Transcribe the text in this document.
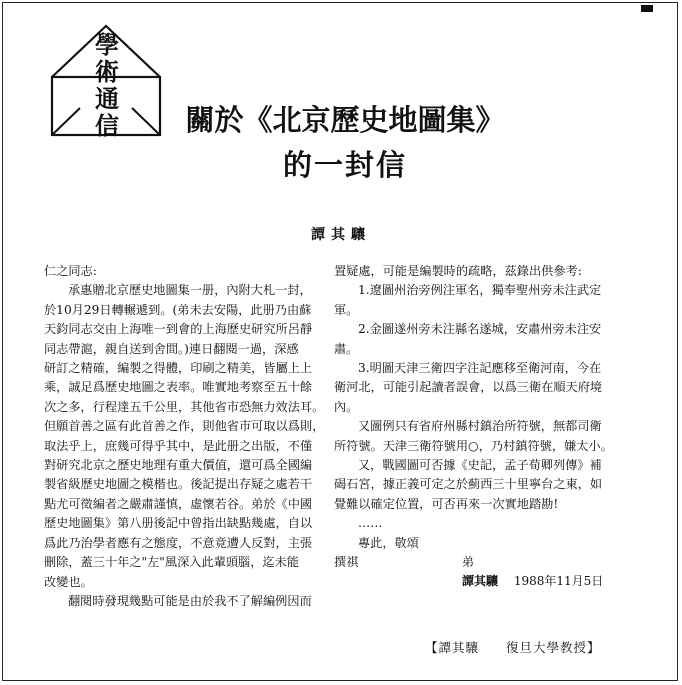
學
術
通
信	關於《北京歷史地圖集》
的一封信
譚其驤
仁之同志:
承惠贈北京歷史地圖集一册，內附大札一封，
於10月29日轉輾遞到。(弟未去安陽，此册乃由蘇
天鈞同志交由上海唯一到會的上海歷史研究所呂靜
同志帶滬，親自送到舍間。)連日翻閱一過，深感
研訂之精確，編製之得體，印刷之精美，皆屬上上
乘，誠足爲歷史地圖之表率。唯實地考察至五十餘
次之多，行程達五千公里，其他省市恐無力效法耳。
但願首善之區有此首善之作，則他省市可取以爲則，
取法乎上，庶幾可得乎其中，是此册之出版，不僅
對研究北京之歷史地理有重大價值，還可爲全國編
製省級歷史地圖之模楷也。後記提出存疑之處若干
點尤可徵編者之嚴肅謹慎，虛懷若谷。弟於《中國
歷史地圖集》第八册後記中曾指出缺點幾處，自以
爲此乃治學者應有之態度，不意竟遭人反對，主張
刪除，蓋三十年之"左"風深入此輩頭腦，迄未能
改變也。
翻閱時發現幾點可能是由於我不了解編例因而
置疑處，可能是編製時的疏略，茲錄出供參考:
1.遼圖州治旁例注軍名，獨奉聖州旁未注武定
軍。
2.金圖遂州旁未注縣名遂城，安肅州旁未注安
肅。
3.明圖天津三衛四字注記應移至衛河南，今在
衛河北，可能引起讀者誤會，以爲三衛在順天府境
內。
又圖例只有省府州縣村鎮治所符號，無都司衛
所符號。天津三衛符號用○，乃村鎮符號，嫌太小。
又，戰國圖可否據《史記，孟子荀卿列傳》補
碣石宮，據正義可定之於薊西三十里寧台之東，如
覺難以確定位置，可否再來一次實地踏勘!
……
專此，敬頌
撰祺	弟
譚其驤 1988年11月5日
【譚其驤　　復旦大學教授】
